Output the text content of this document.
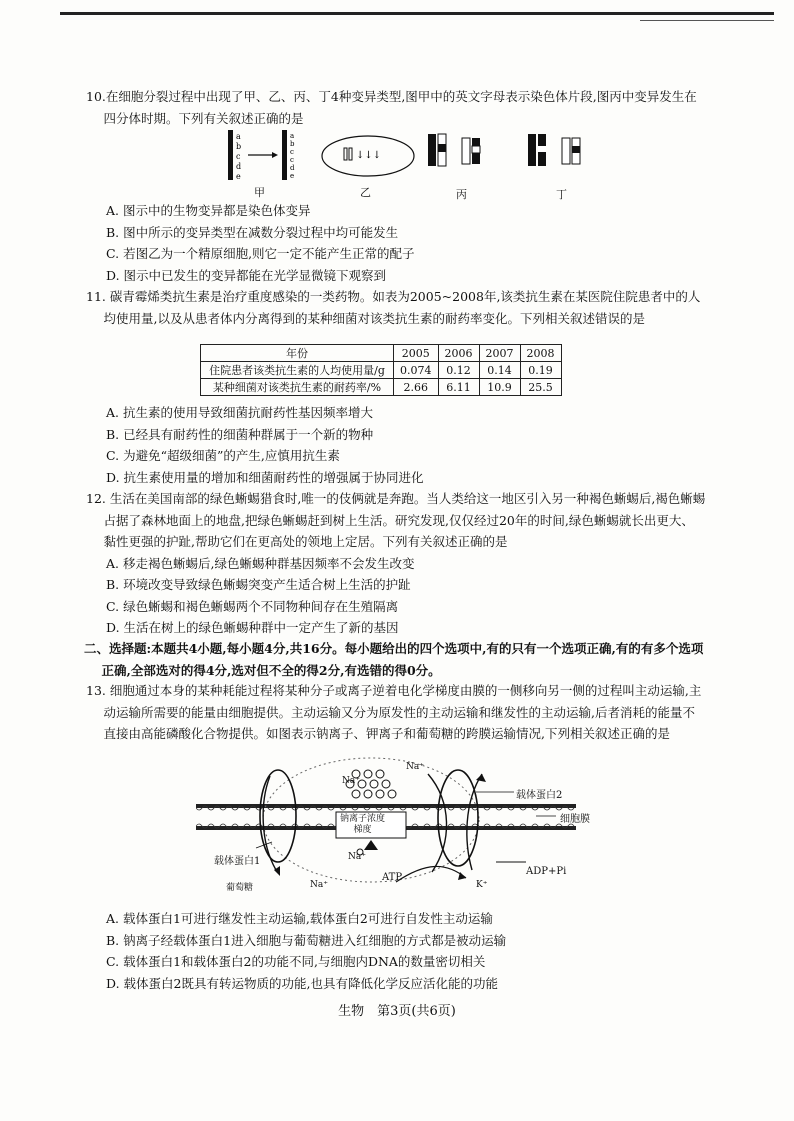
10.在细胞分裂过程中出现了甲、乙、丙、丁4种变异类型,图甲中的英文字母表示染色体片段,图丙中变异发生在四分体时期。下列有关叙述正确的是
a
b
c
d
e
a
b
c
c
d
e
↓↓↓
甲	乙	丙	丁
A. 图示中的生物变异都是染色体变异
B. 图中所示的变异类型在减数分裂过程中均可能发生
C. 若图乙为一个精原细胞,则它一定不能产生正常的配子
D. 图示中已发生的变异都能在光学显微镜下观察到
11. 碳青霉烯类抗生素是治疗重度感染的一类药物。如表为2005~2008年,该类抗生素在某医院住院患者中的人均使用量,以及从患者体内分离得到的某种细菌对该类抗生素的耐药率变化。下列相关叙述错误的是
年份	2005	2006	2007	2008
住院患者该类抗生素的人均使用量/g	0.074	0.12	0.14	0.19
某种细菌对该类抗生素的耐药率/%	2.66	6.11	10.9	25.5
A. 抗生素的使用导致细菌抗耐药性基因频率增大
B. 已经具有耐药性的细菌种群属于一个新的物种
C. 为避免“超级细菌”的产生,应慎用抗生素
D. 抗生素使用量的增加和细菌耐药性的增强属于协同进化
12. 生活在美国南部的绿色蜥蜴猎食时,唯一的伎俩就是奔跑。当人类给这一地区引入另一种褐色蜥蜴后,褐色蜥蜴占据了森林地面上的地盘,把绿色蜥蜴赶到树上生活。研究发现,仅仅经过20年的时间,绿色蜥蜴就长出更大、黏性更强的护趾,帮助它们在更高处的领地上定居。下列有关叙述正确的是
A. 移走褐色蜥蜴后,绿色蜥蜴种群基因频率不会发生改变
B. 环境改变导致绿色蜥蜴突变产生适合树上生活的护趾
C. 绿色蜥蜴和褐色蜥蜴两个不同物种间存在生殖隔离
D. 生活在树上的绿色蜥蜴种群中一定产生了新的基因
二、选择题:本题共4小题,每小题4分,共16分。每小题给出的四个选项中,有的只有一个选项正确,有的有多个选项正确,全部选对的得4分,选对但不全的得2分,有选错的得0分。
13. 细胞通过本身的某种耗能过程将某种分子或离子逆着电化学梯度由膜的一侧移向另一侧的过程叫主动运输,主动运输所需要的能量由细胞提供。主动运输又分为原发性的主动运输和继发性的主动运输,后者消耗的能量不直接由高能磷酸化合物提供。如图表示钠离子、钾离子和葡萄糖的跨膜运输情况,下列相关叙述正确的是
Na⁺
Na⁺
载体蛋白2
细胞膜
钠离子浓度
梯度
Na⁺
载体蛋白1
葡萄糖	Na⁺
ATP
K⁺
ADP+Pi
A. 载体蛋白1可进行继发性主动运输,载体蛋白2可进行自发性主动运输
B. 钠离子经载体蛋白1进入细胞与葡萄糖进入红细胞的方式都是被动运输
C. 载体蛋白1和载体蛋白2的功能不同,与细胞内DNA的数量密切相关
D. 载体蛋白2既具有转运物质的功能,也具有降低化学反应活化能的功能
生物　第3页(共6页)
